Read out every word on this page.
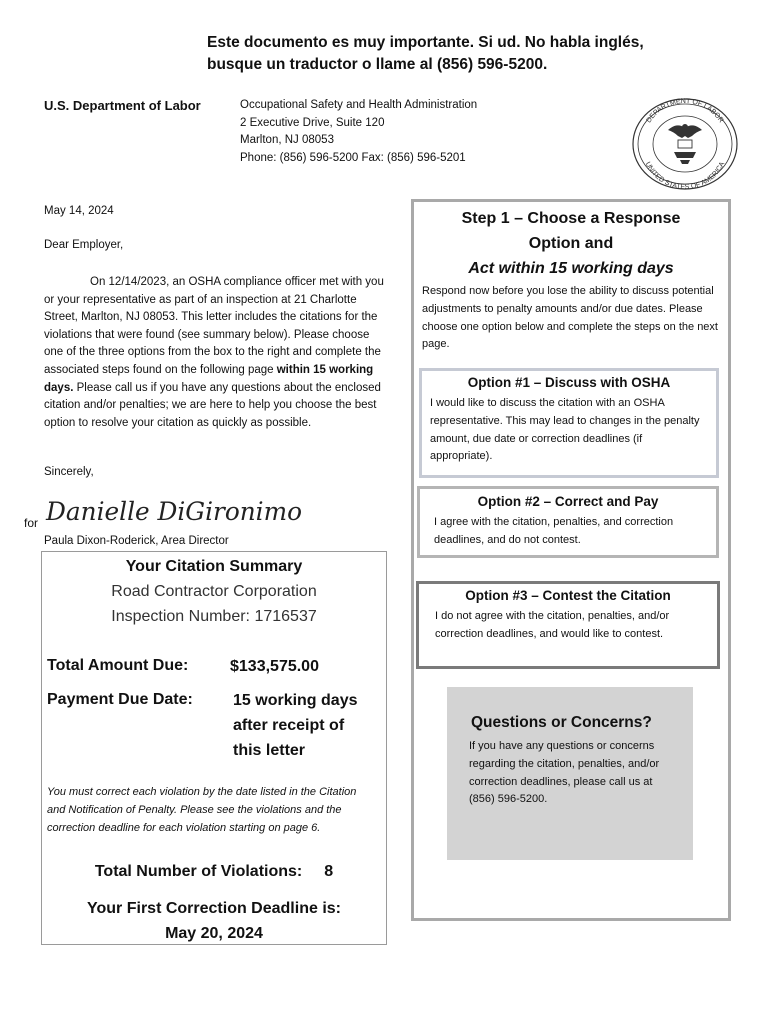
Este documento es muy importante. Si ud. No habla inglés,
busque un traductor o llame al (856) 596-5200.
U.S. Department of Labor	Occupational Safety and Health Administration
2 Executive Drive, Suite 120
Marlton, NJ 08053
Phone: (856) 596-5200 Fax: (856) 596-5201
DEPARTMENT OF LABOR
UNITED STATES OF AMERICA
May 14, 2024
Dear Employer,

On 12/14/2023, an OSHA compliance officer met with you or your representative as part of an inspection at 21 Charlotte Street, Marlton, NJ 08053. This letter includes the citations for the violations that were found (see summary below). Please choose one of the three options from the box to the right and complete the associated steps found on the following page within 15 working days. Please call us if you have any questions about the enclosed citation and/or penalties; we are here to help you choose the best option to resolve your citation as quickly as possible.

Sincerely,
for Danielle DiGironimo
Paula Dixon-Roderick, Area Director
Your Citation Summary
Road Contractor Corporation
Inspection Number: 1716537
Total Amount Due:	$133,575.00
Payment Due Date:	15 working days
after receipt of
this letter
You must correct each violation by the date listed in the Citation and Notification of Penalty. Please see the violations and the correction deadline for each violation starting on page 6.
Total Number of Violations: 8
Your First Correction Deadline is:
May 20, 2024
Step 1 – Choose a Response
Option and
Act within 15 working days
Respond now before you lose the ability to discuss potential adjustments to penalty amounts and/or due dates. Please choose one option below and complete the steps on the next page.
Option #1 – Discuss with OSHA
I would like to discuss the citation with an OSHA representative. This may lead to changes in the penalty amount, due date or correction deadlines (if appropriate).
Option #2 – Correct and Pay
I agree with the citation, penalties, and correction deadlines, and do not contest.
Option #3 – Contest the Citation
I do not agree with the citation, penalties, and/or correction deadlines, and would like to contest.
Questions or Concerns?
If you have any questions or concerns regarding the citation, penalties, and/or correction deadlines, please call us at (856) 596-5200.
